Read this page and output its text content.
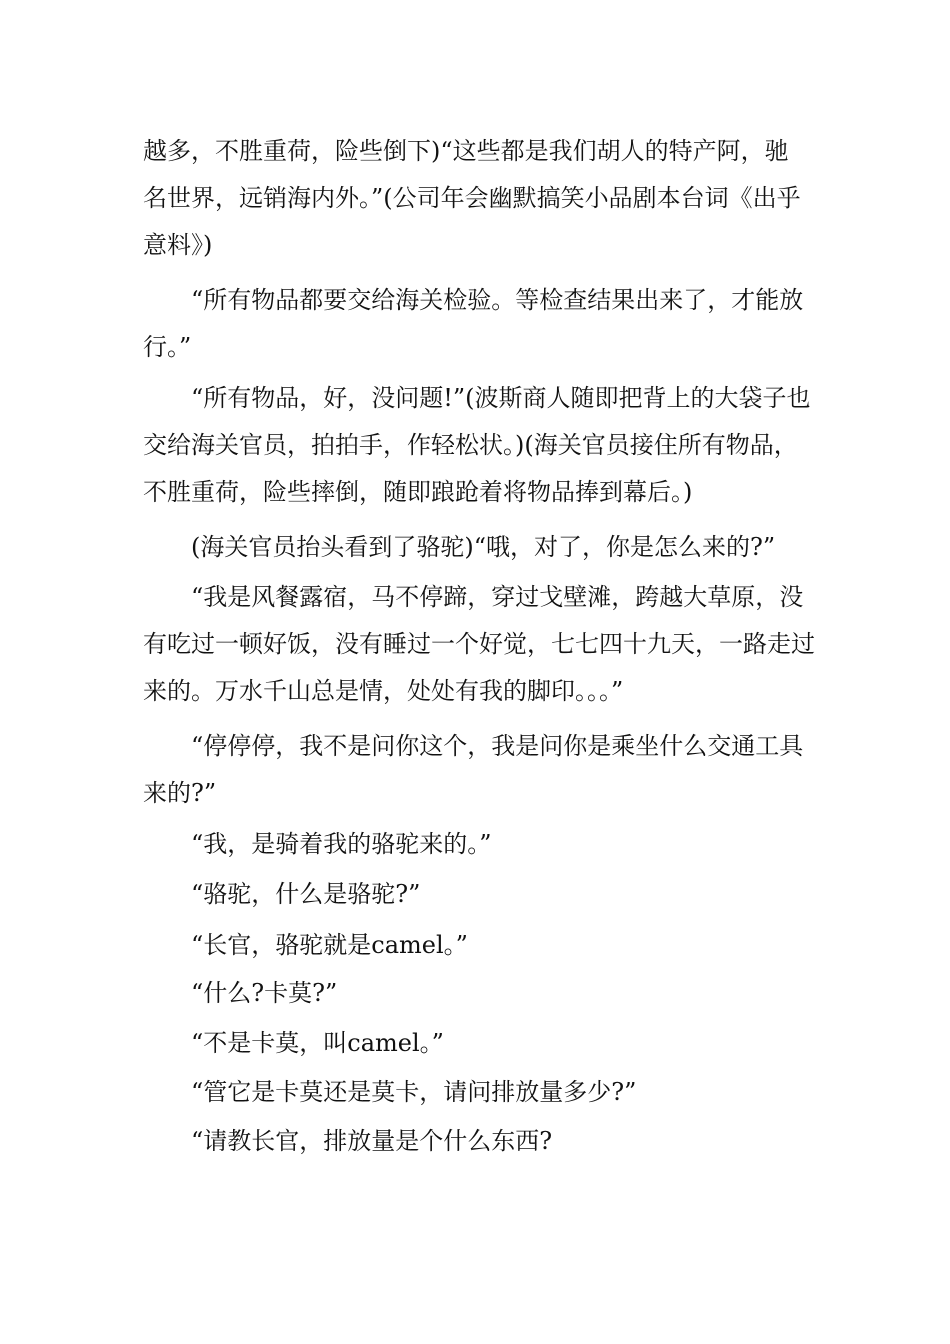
越多，不胜重荷，险些倒下)“这些都是我们胡人的特产阿，驰名世界，远销海内外。”(公司年会幽默搞笑小品剧本台词《出乎意料》)

“所有物品都要交给海关检验。等检查结果出来了，才能放行。”

“所有物品，好，没问题!”(波斯商人随即把背上的大袋子也交给海关官员，拍拍手，作轻松状。)(海关官员接住所有物品，不胜重荷，险些摔倒，随即踉跄着将物品捧到幕后。)

(海关官员抬头看到了骆驼)“哦，对了，你是怎么来的?”

“我是风餐露宿，马不停蹄，穿过戈壁滩，跨越大草原，没有吃过一顿好饭，没有睡过一个好觉，七七四十九天，一路走过来的。万水千山总是情，处处有我的脚印。。。”

“停停停，我不是问你这个，我是问你是乘坐什么交通工具来的?”

“我，是骑着我的骆驼来的。”

“骆驼，什么是骆驼?”

“长官，骆驼就是camel。”

“什么?卡莫?”

“不是卡莫，叫camel。”

“管它是卡莫还是莫卡，请问排放量多少?”

“请教长官，排放量是个什么东西?
